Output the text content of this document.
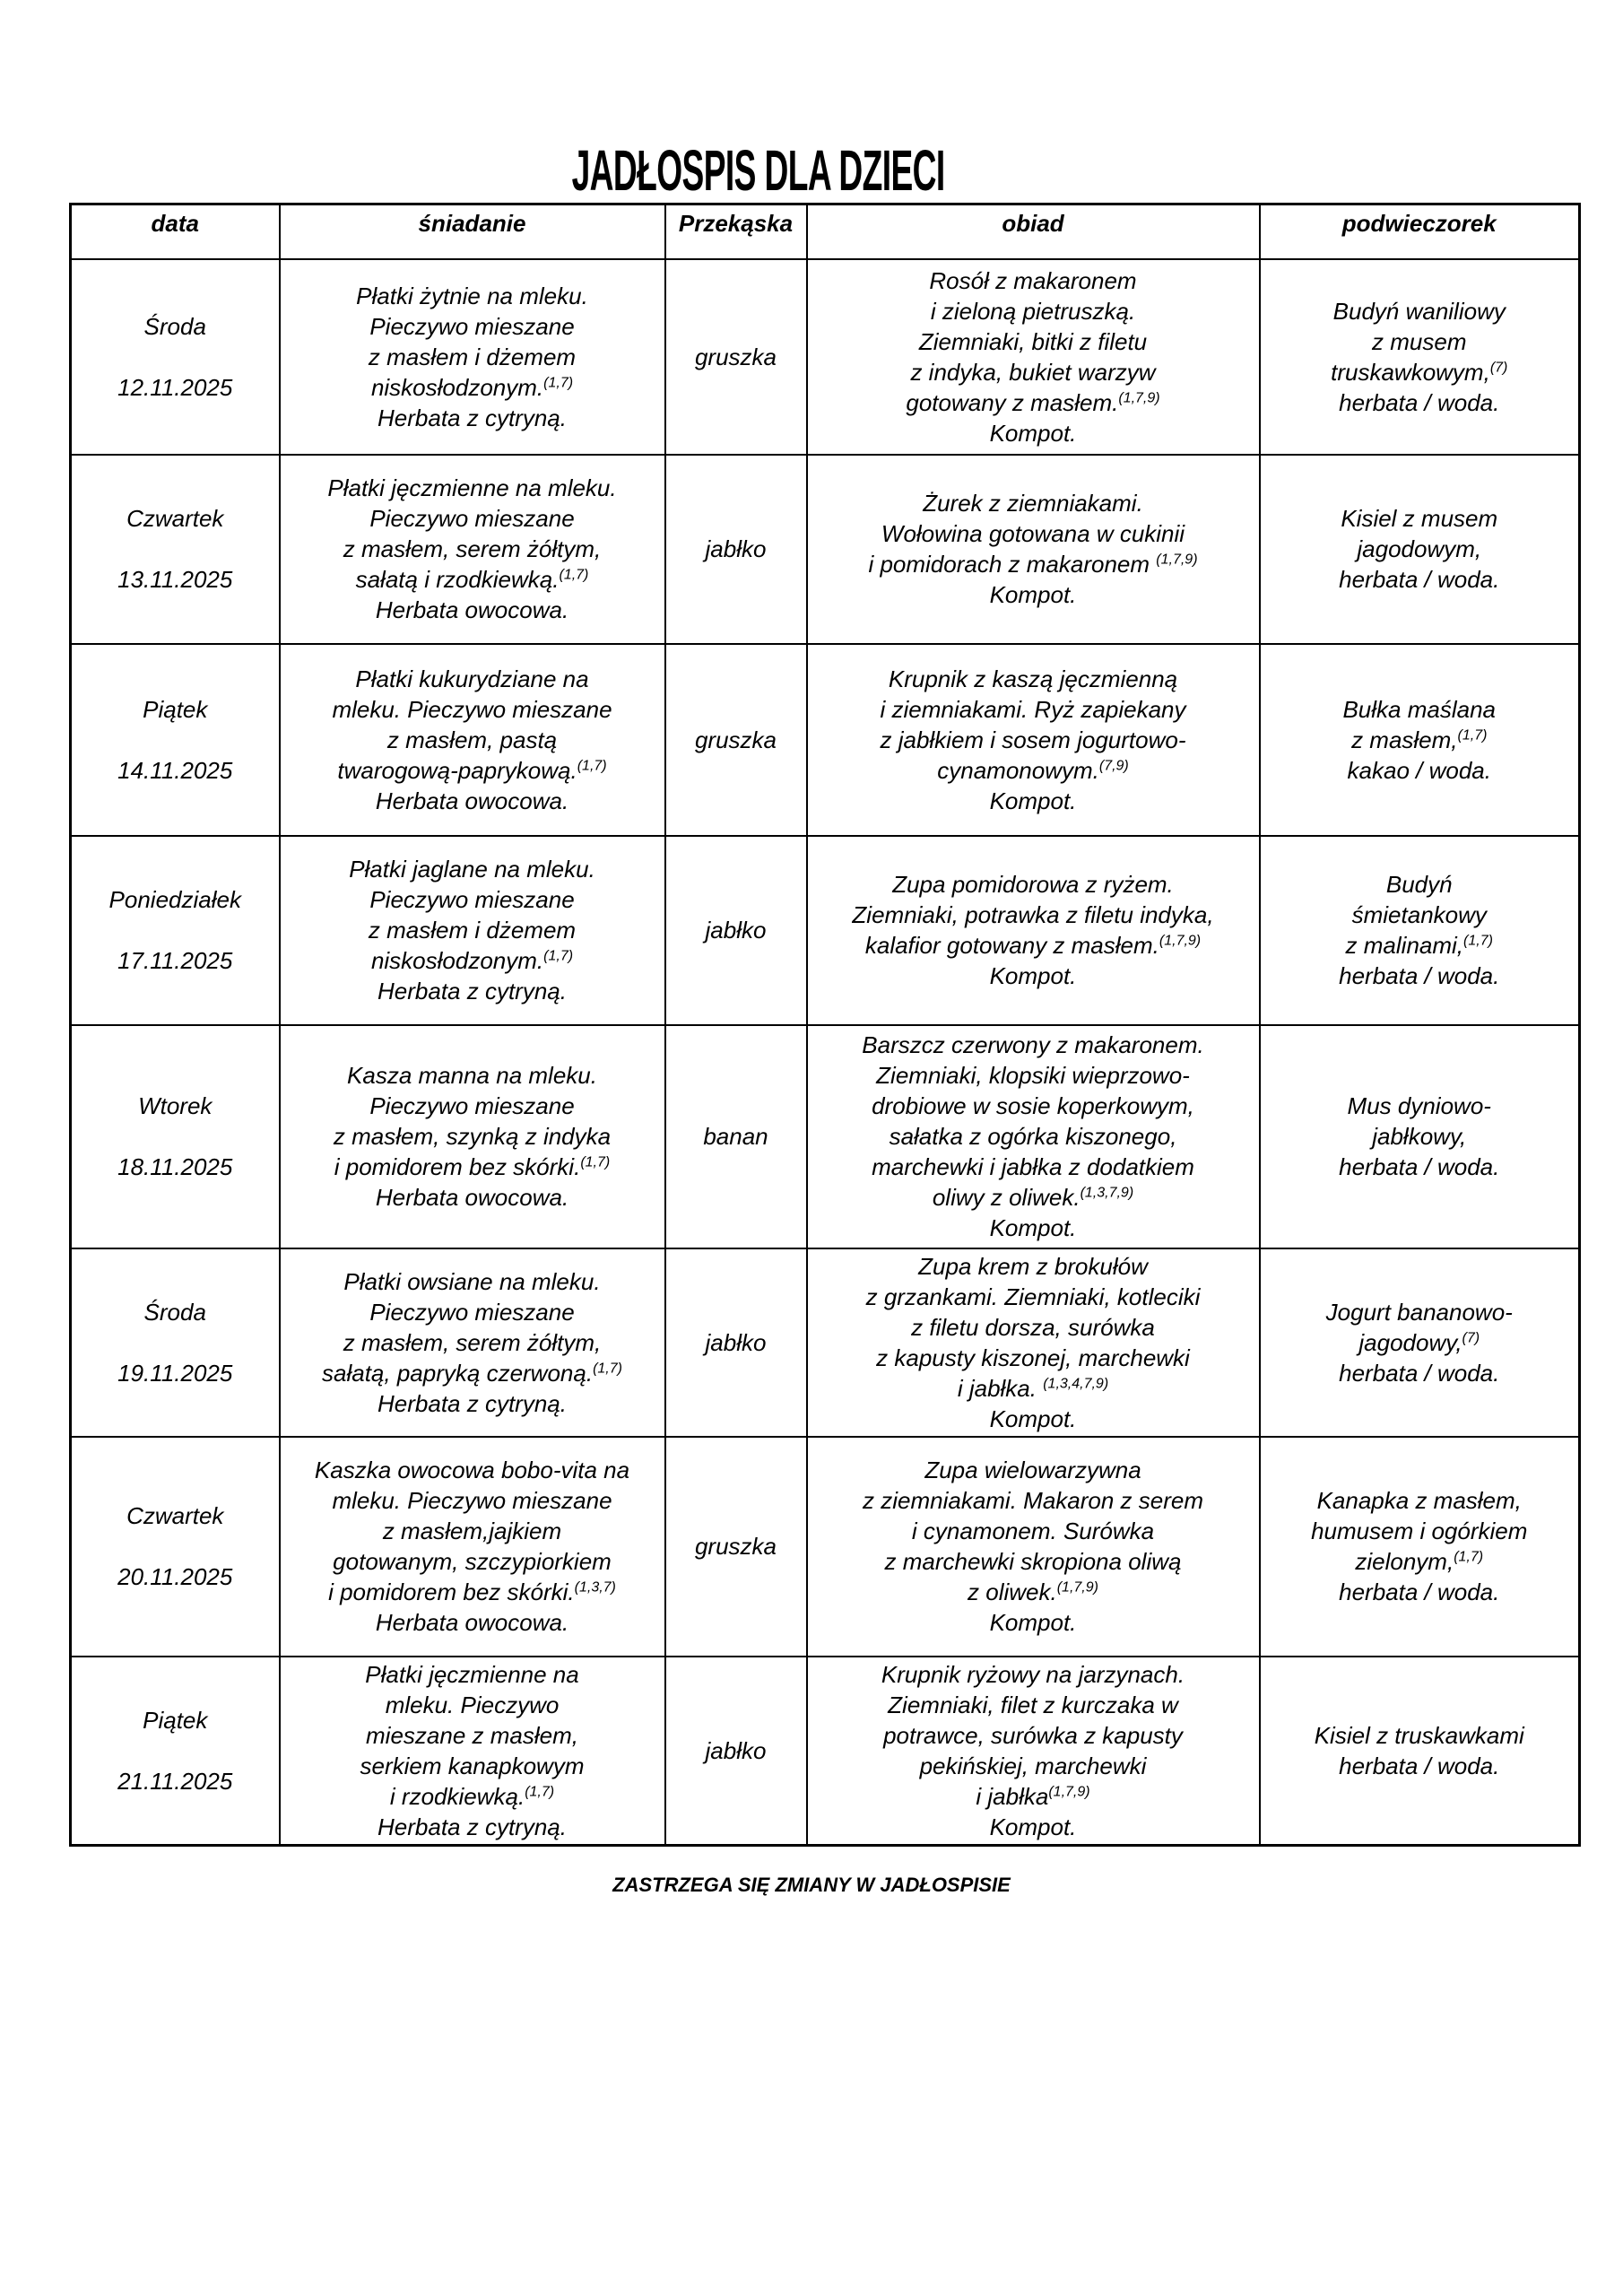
JADŁOSPIS DLA DZIECI
data	śniadanie	Przekąska	obiad	podwieczorek

Środa
12.11.2025
	Płatki żytnie na mleku.
Pieczywo mieszane
z masłem i dżemem
niskosłodzonym.$^{(1,7)}$
Herbata z cytryną.	gruszka	Rosół z makaronem
i zieloną pietruszką.
Ziemniaki, bitki z filetu
z indyka, bukiet warzyw
gotowany z masłem.$^{(1,7,9)}$
Kompot.	Budyń waniliowy
z musem
truskawkowym,$^{(7)}$
herbata / woda.

Czwartek
13.11.2025
	Płatki jęczmienne na mleku.
Pieczywo mieszane
z masłem, serem żółtym,
sałatą i rzodkiewką.$^{(1,7)}$
Herbata owocowa.	jabłko	Żurek z ziemniakami.
Wołowina gotowana w cukinii
i pomidorach z makaronem $^{(1,7,9)}$
Kompot.	Kisiel z musem
jagodowym,
herbata / woda.

Piątek
14.11.2025
	Płatki kukurydziane na
mleku. Pieczywo mieszane
z masłem, pastą
twarogową-paprykową.$^{(1,7)}$
Herbata owocowa.	gruszka	Krupnik z kaszą jęczmienną
i ziemniakami. Ryż zapiekany
z jabłkiem i sosem jogurtowo-
cynamonowym.$^{(7,9)}$
Kompot.	Bułka maślana
z masłem,$^{(1,7)}$
kakao / woda.

Poniedziałek
17.11.2025
	Płatki jaglane na mleku.
Pieczywo mieszane
z masłem i dżemem
niskosłodzonym.$^{(1,7)}$
Herbata z cytryną.	jabłko	Zupa pomidorowa z ryżem.
Ziemniaki, potrawka z filetu indyka,
kalafior gotowany z masłem.$^{(1,7,9)}$
Kompot.	Budyń
śmietankowy
z malinami,$^{(1,7)}$
herbata / woda.

Wtorek
18.11.2025
	Kasza manna na mleku.
Pieczywo mieszane
z masłem, szynką z indyka
i pomidorem bez skórki.$^{(1,7)}$
Herbata owocowa.	banan	Barszcz czerwony z makaronem.
Ziemniaki, klopsiki wieprzowo-
drobiowe w sosie koperkowym,
sałatka z ogórka kiszonego,
marchewki i jabłka z dodatkiem
oliwy z oliwek.$^{(1,3,7,9)}$
Kompot.	Mus dyniowo-
jabłkowy,
herbata / woda.

Środa
19.11.2025
	Płatki owsiane na mleku.
Pieczywo mieszane
z masłem, serem żółtym,
sałatą, papryką czerwoną.$^{(1,7)}$
Herbata z cytryną.	jabłko	Zupa krem z brokułów
z grzankami. Ziemniaki, kotleciki
z filetu dorsza, surówka
z kapusty kiszonej, marchewki
i jabłka. $^{(1,3,4,7,9)}$
Kompot.	Jogurt bananowo-
jagodowy,$^{(7)}$
herbata / woda.

Czwartek
20.11.2025
	Kaszka owocowa bobo-vita na
mleku. Pieczywo mieszane
z masłem,jajkiem
gotowanym, szczypiorkiem
i pomidorem bez skórki.$^{(1,3,7)}$
Herbata owocowa.	gruszka	Zupa wielowarzywna
z ziemniakami. Makaron z serem
i cynamonem. Surówka
z marchewki skropiona oliwą
z oliwek.$^{(1,7,9)}$
Kompot.	Kanapka z masłem,
humusem i ogórkiem
zielonym,$^{(1,7)}$
herbata / woda.

Piątek
21.11.2025
	Płatki jęczmienne na
mleku. Pieczywo
mieszane z masłem,
serkiem kanapkowym
i rzodkiewką.$^{(1,7)}$
Herbata z cytryną.	jabłko	Krupnik ryżowy na jarzynach.
Ziemniaki, filet z kurczaka w
potrawce, surówka z kapusty
pekińskiej, marchewki
i jabłka$^{(1,7,9)}$
Kompot.	Kisiel z truskawkami
herbata / woda.
ZASTRZEGA SIĘ ZMIANY W JADŁOSPISIE
